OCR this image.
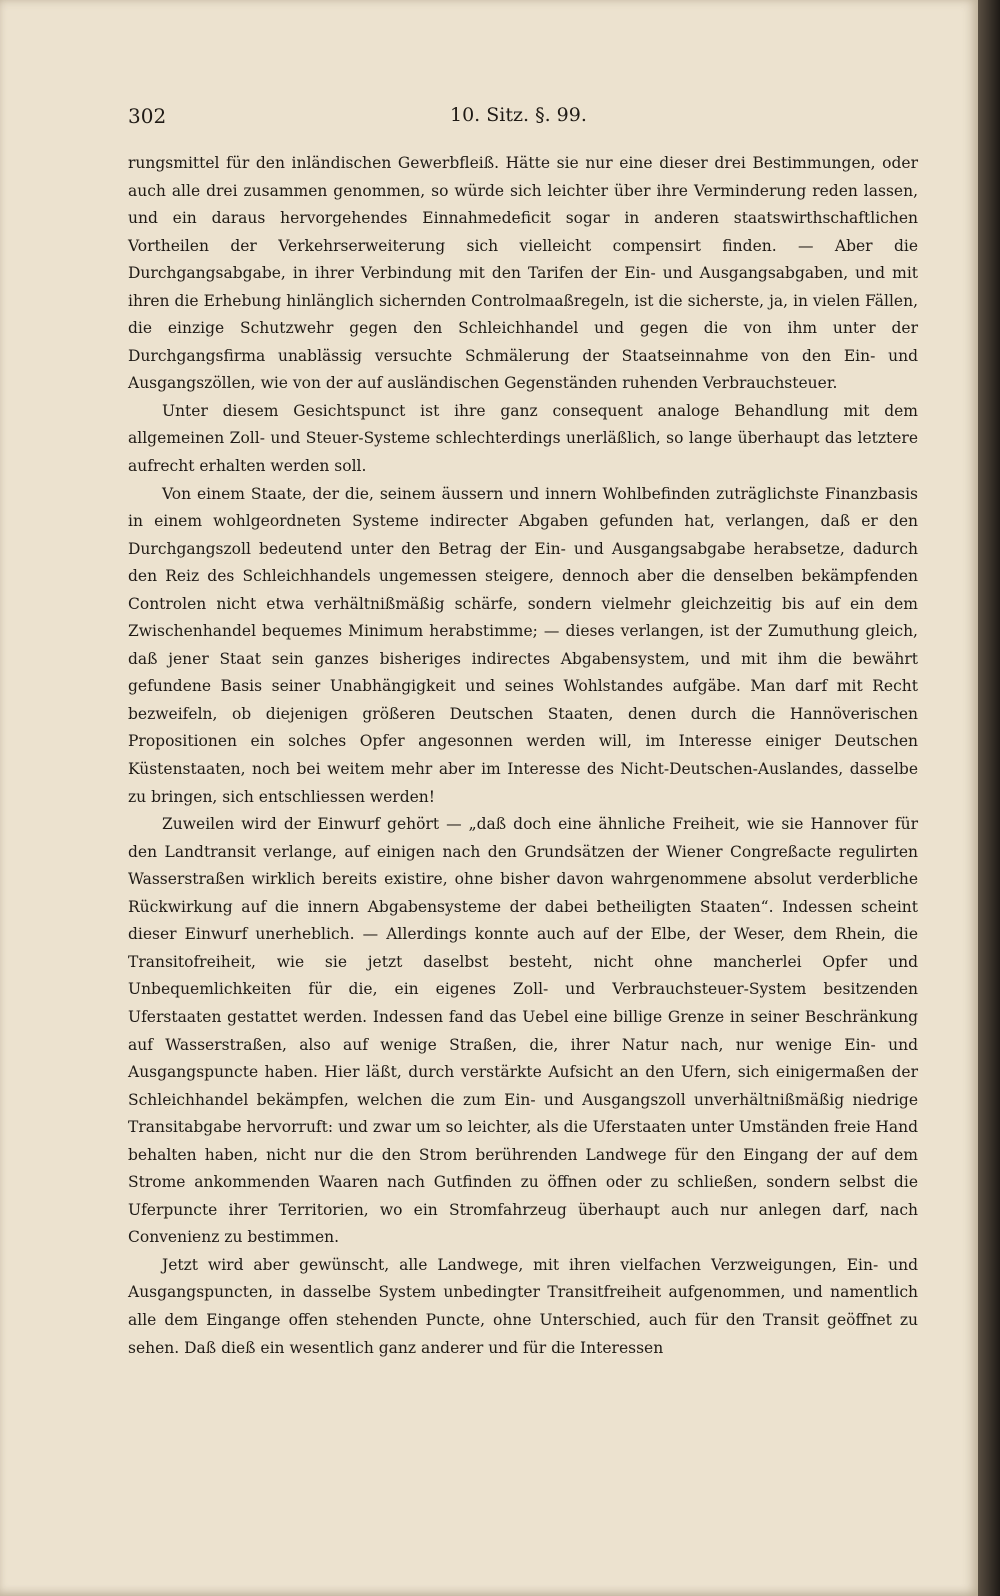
302	10. Sitz. §. 99.

rungsmittel für den inländischen Gewerbfleiß. Hätte sie nur eine dieser drei Bestimmungen, oder auch alle drei zusammen genommen, so würde sich leichter über ihre Verminderung reden lassen, und ein daraus hervorgehendes Einnahmedeficit sogar in anderen staatswirthschaftlichen Vortheilen der Verkehrserweiterung sich vielleicht compensirt finden. — Aber die Durchgangsabgabe, in ihrer Verbindung mit den Tarifen der Ein- und Ausgangsabgaben, und mit ihren die Erhebung hinlänglich sichernden Controlmaaßregeln, ist die sicherste, ja, in vielen Fällen, die einzige Schutzwehr gegen den Schleichhandel und gegen die von ihm unter der Durchgangsfirma unablässig versuchte Schmälerung der Staatseinnahme von den Ein- und Ausgangszöllen, wie von der auf ausländischen Gegenständen ruhenden Verbrauchsteuer.

Unter diesem Gesichtspunct ist ihre ganz consequent analoge Behandlung mit dem allgemeinen Zoll- und Steuer-Systeme schlechterdings unerläßlich, so lange überhaupt das letztere aufrecht erhalten werden soll.

Von einem Staate, der die, seinem äussern und innern Wohlbefinden zuträglichste Finanzbasis in einem wohlgeordneten Systeme indirecter Abgaben gefunden hat, verlangen, daß er den Durchgangszoll bedeutend unter den Betrag der Ein- und Ausgangsabgabe herabsetze, dadurch den Reiz des Schleichhandels ungemessen steigere, dennoch aber die denselben bekämpfenden Controlen nicht etwa verhältnißmäßig schärfe, sondern vielmehr gleichzeitig bis auf ein dem Zwischenhandel bequemes Minimum herabstimme; — dieses verlangen, ist der Zumuthung gleich, daß jener Staat sein ganzes bisheriges indirectes Abgabensystem, und mit ihm die bewährt gefundene Basis seiner Unabhängigkeit und seines Wohlstandes aufgäbe. Man darf mit Recht bezweifeln, ob diejenigen größeren Deutschen Staaten, denen durch die Hannöverischen Propositionen ein solches Opfer angesonnen werden will, im Interesse einiger Deutschen Küstenstaaten, noch bei weitem mehr aber im Interesse des Nicht-Deutschen-Auslandes, dasselbe zu bringen, sich entschliessen werden!

Zuweilen wird der Einwurf gehört — „daß doch eine ähnliche Freiheit, wie sie Hannover für den Landtransit verlange, auf einigen nach den Grundsätzen der Wiener Congreßacte regulirten Wasserstraßen wirklich bereits existire, ohne bisher davon wahrgenommene absolut verderbliche Rückwirkung auf die innern Abgabensysteme der dabei betheiligten Staaten“. Indessen scheint dieser Einwurf unerheblich. — Allerdings konnte auch auf der Elbe, der Weser, dem Rhein, die Transitofreiheit, wie sie jetzt daselbst besteht, nicht ohne mancherlei Opfer und Unbequemlichkeiten für die, ein eigenes Zoll- und Verbrauchsteuer-System besitzenden Uferstaaten gestattet werden. Indessen fand das Uebel eine billige Grenze in seiner Beschränkung auf Wasserstraßen, also auf wenige Straßen, die, ihrer Natur nach, nur wenige Ein- und Ausgangspuncte haben. Hier läßt, durch verstärkte Aufsicht an den Ufern, sich einigermaßen der Schleichhandel bekämpfen, welchen die zum Ein- und Ausgangszoll unverhältnißmäßig niedrige Transitabgabe hervorruft: und zwar um so leichter, als die Uferstaaten unter Umständen freie Hand behalten haben, nicht nur die den Strom berührenden Landwege für den Eingang der auf dem Strome ankommenden Waaren nach Gutfinden zu öffnen oder zu schließen, sondern selbst die Uferpuncte ihrer Territorien, wo ein Stromfahrzeug überhaupt auch nur anlegen darf, nach Convenienz zu bestimmen.

Jetzt wird aber gewünscht, alle Landwege, mit ihren vielfachen Verzweigungen, Ein- und Ausgangspuncten, in dasselbe System unbedingter Transitfreiheit aufgenommen, und namentlich alle dem Eingange offen stehenden Puncte, ohne Unterschied, auch für den Transit geöffnet zu sehen. Daß dieß ein wesentlich ganz anderer und für die Interessen
